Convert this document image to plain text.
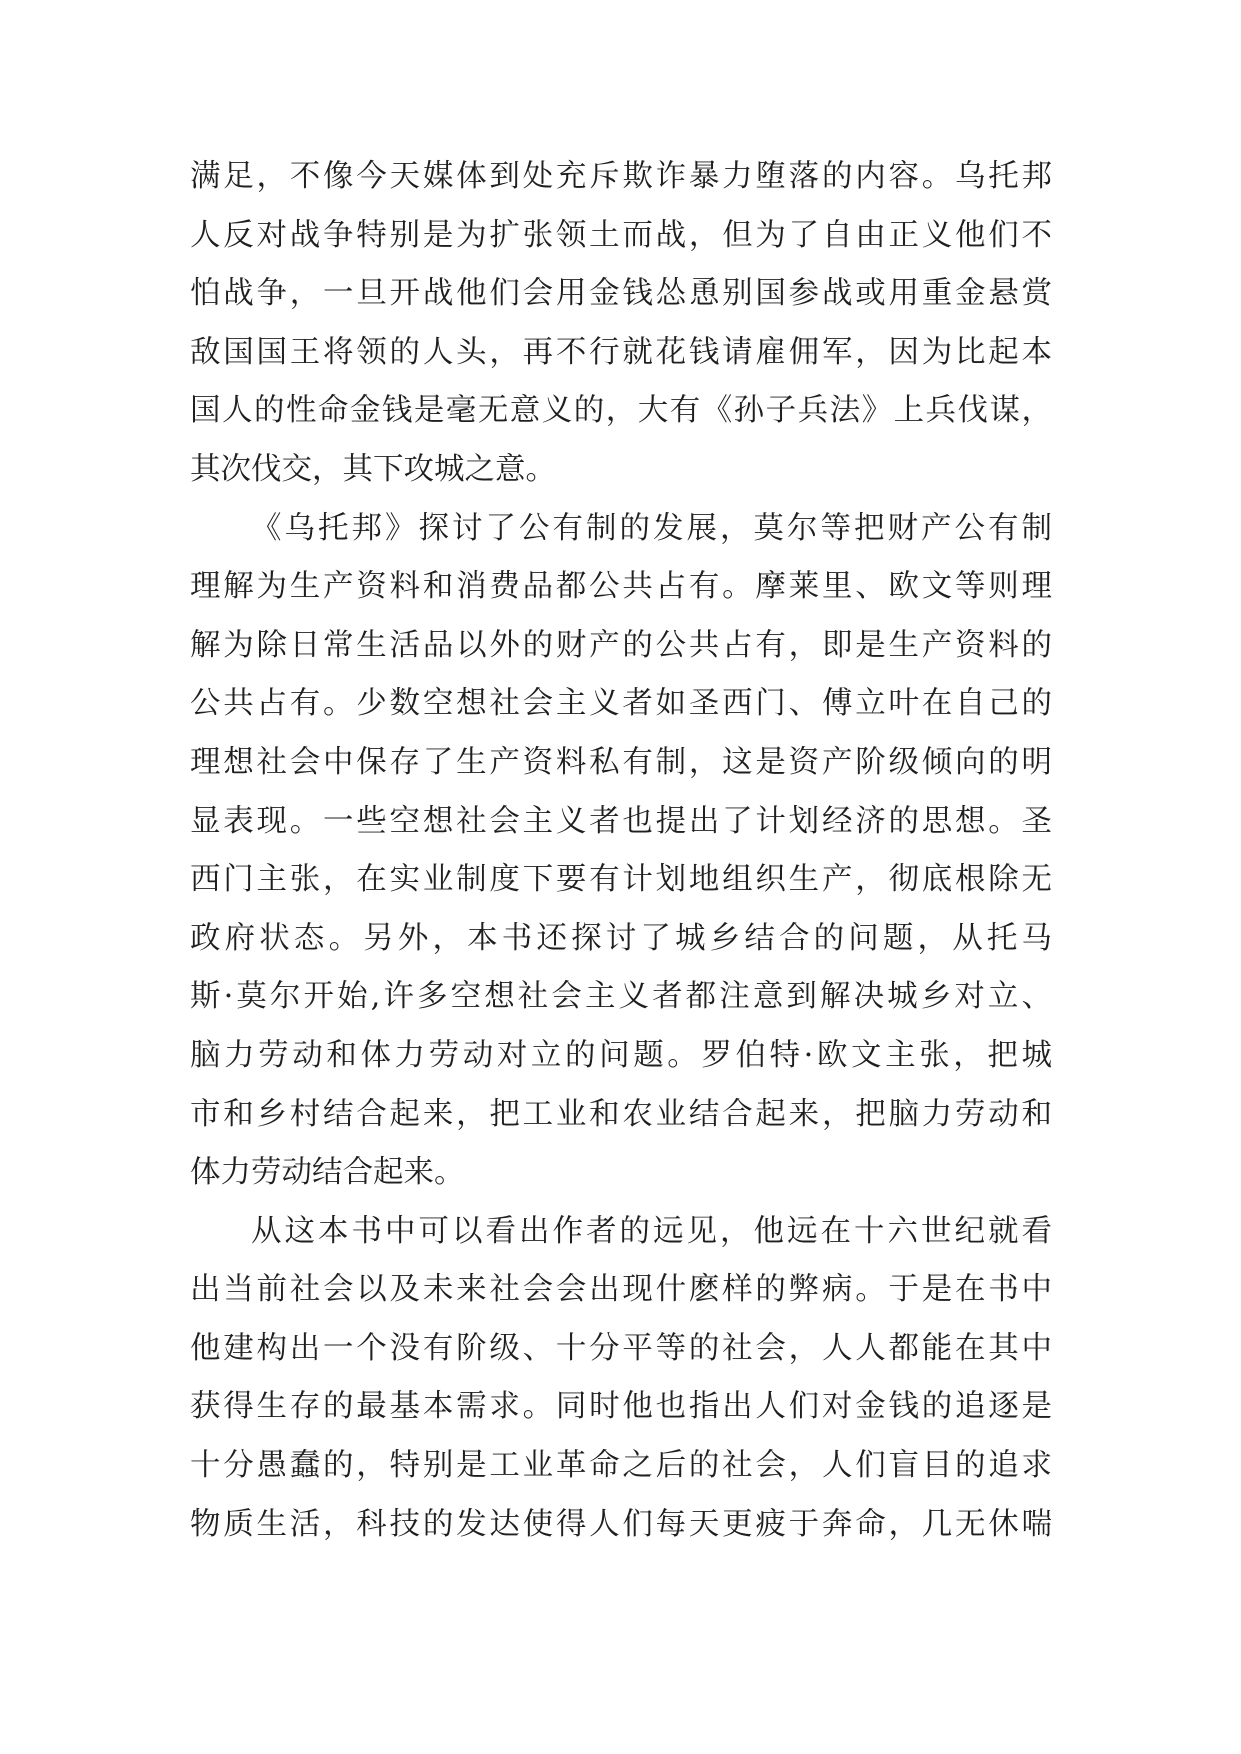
满足，不像今天媒体到处充斥欺诈暴力堕落的内容。乌托邦
人反对战争特别是为扩张领土而战，但为了自由正义他们不
怕战争，一旦开战他们会用金钱怂恿别国参战或用重金悬赏
敌国国王将领的人头，再不行就花钱请雇佣军，因为比起本
国人的性命金钱是毫无意义的，大有《孙子兵法》上兵伐谋，
其次伐交，其下攻城之意。
《乌托邦》探讨了公有制的发展，莫尔等把财产公有制
理解为生产资料和消费品都公共占有。摩莱里、欧文等则理
解为除日常生活品以外的财产的公共占有，即是生产资料的
公共占有。少数空想社会主义者如圣西门、傅立叶在自己的
理想社会中保存了生产资料私有制，这是资产阶级倾向的明
显表现。一些空想社会主义者也提出了计划经济的思想。圣
西门主张，在实业制度下要有计划地组织生产，彻底根除无
政府状态。另外，本书还探讨了城乡结合的问题，从托马
斯·莫尔开始,许多空想社会主义者都注意到解决城乡对立、
脑力劳动和体力劳动对立的问题。罗伯特·欧文主张，把城
市和乡村结合起来，把工业和农业结合起来，把脑力劳动和
体力劳动结合起来。
从这本书中可以看出作者的远见，他远在十六世纪就看
出当前社会以及未来社会会出现什麽样的弊病。于是在书中
他建构出一个没有阶级、十分平等的社会，人人都能在其中
获得生存的最基本需求。同时他也指出人们对金钱的追逐是
十分愚蠢的，特别是工业革命之后的社会，人们盲目的追求
物质生活，科技的发达使得人们每天更疲于奔命，几无休喘
